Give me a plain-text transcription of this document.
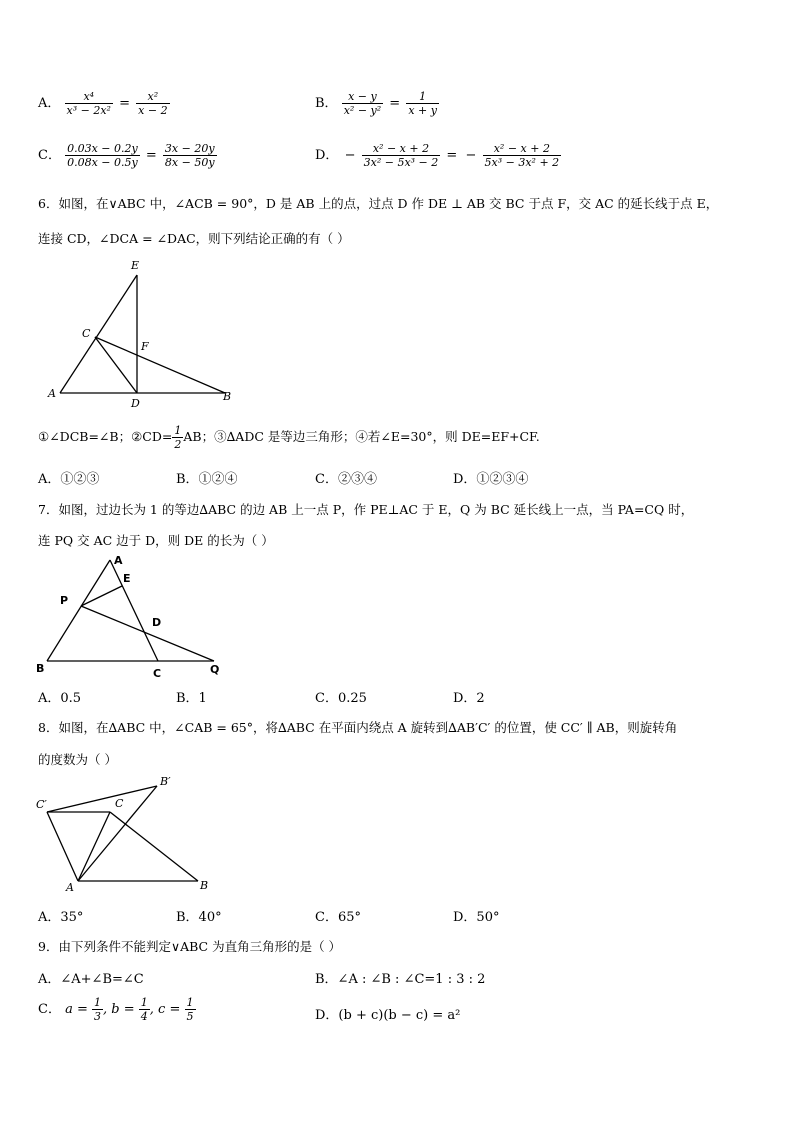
A． $\frac{\text{x⁴}}{\text{x³ − 2x²}} = \frac{\text{x²}}{x - 2}$	B． $\frac{x - y}{\text{x² − y²}} = \frac{1}{x + y}$
C． $\frac{0.03x - 0.2y}{0.08x - 0.5y} = \frac{3x - 20y}{8x - 50y}$	D． − $\frac{\text{x² − x + 2}}{\text{3x² − 5x³ − 2}}$ = − $\frac{\text{x² − x + 2}}{\text{5x³ − 3x² + 2}}$
6．如图，在∨ABC 中，∠ACB = 90°，D 是 AB 上的点，过点 D 作 DE ⊥ AB 交 BC 于点 F，交 AC 的延长线于点 E，
连接 CD，∠DCA = ∠DAC，则下列结论正确的有（ ）
E
C
F
A
D
B
①∠DCB=∠B；②CD= $\frac{1}{2}$ AB；③∆ADC 是等边三角形；④若∠E=30°，则 DE=EF+CF.
A．①②③	B．①②④	C．②③④	D．①②③④
7．如图，过边长为 1 的等边∆ABC 的边 AB 上一点 P，作 PE⊥AC 于 E，Q 为 BC 延长线上一点，当 PA=CQ 时，
连 PQ 交 AC 边于 D，则 DE 的长为（ ）
A
E
P
D
B	C	Q
A．0.5	B．1	C．0.25	D．2
8．如图，在∆ABC 中，∠CAB = 65°，将∆ABC 在平面内绕点 A 旋转到∆AB′C′ 的位置，使 CC′ ∥ AB，则旋转角
的度数为（ ）
C′	C
B′
A	B
A．35°	B．40°	C．65°	D．50°
9．由下列条件不能判定∨ABC 为直角三角形的是（ ）
A．∠A+∠B=∠C	B．∠A : ∠B : ∠C=1 : 3 : 2
C． $a = \frac{1}{3}$ , $b = \frac{1}{4}$ , $c = \frac{1}{5}$	D．(b + c)(b − c) = a²
